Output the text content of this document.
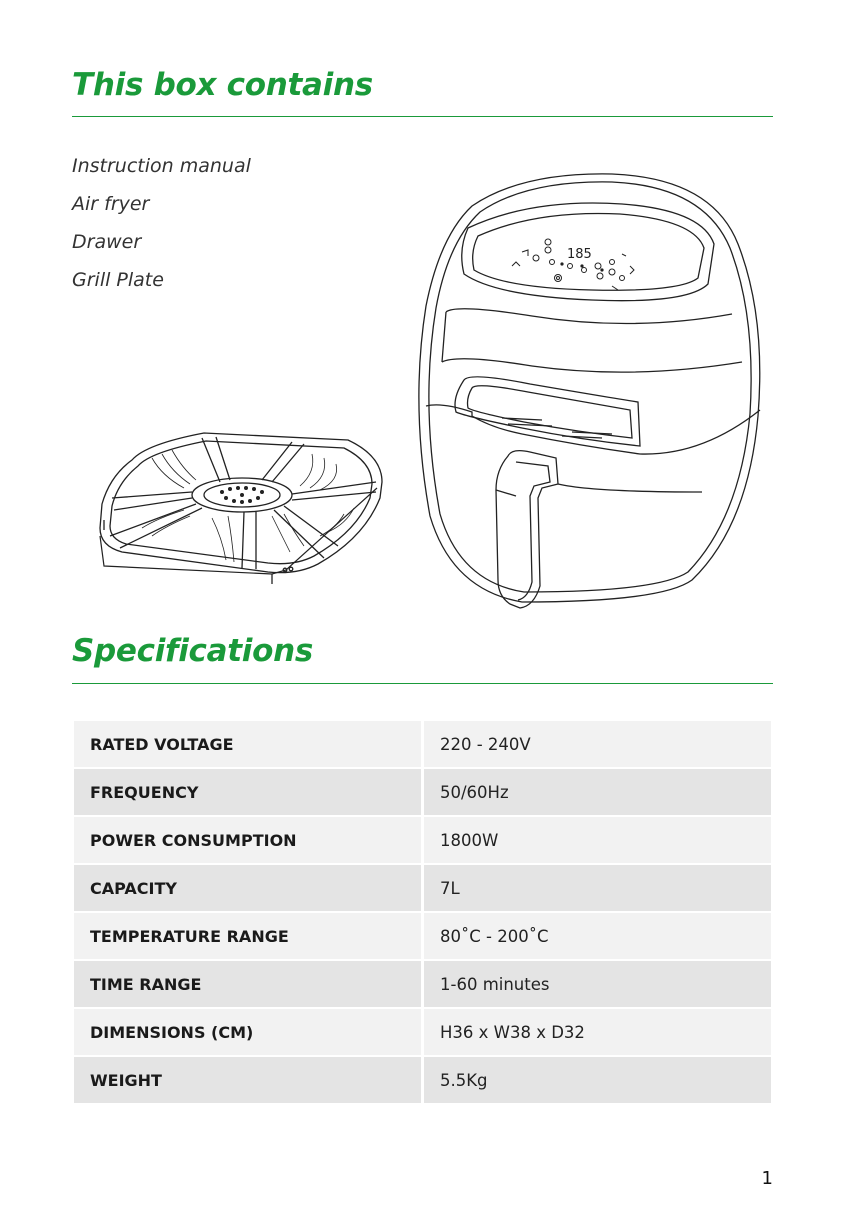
This box contains
Instruction manual
Air fryer
Drawer
Grill Plate
185
Specifications
RATED VOLTAGE	220 - 240V
FREQUENCY	50/60Hz
POWER CONSUMPTION	1800W
CAPACITY	7L
TEMPERATURE RANGE	80˚C - 200˚C
TIME RANGE	1-60 minutes
DIMENSIONS (CM)	H36 x W38 x D32
WEIGHT	5.5Kg
1
